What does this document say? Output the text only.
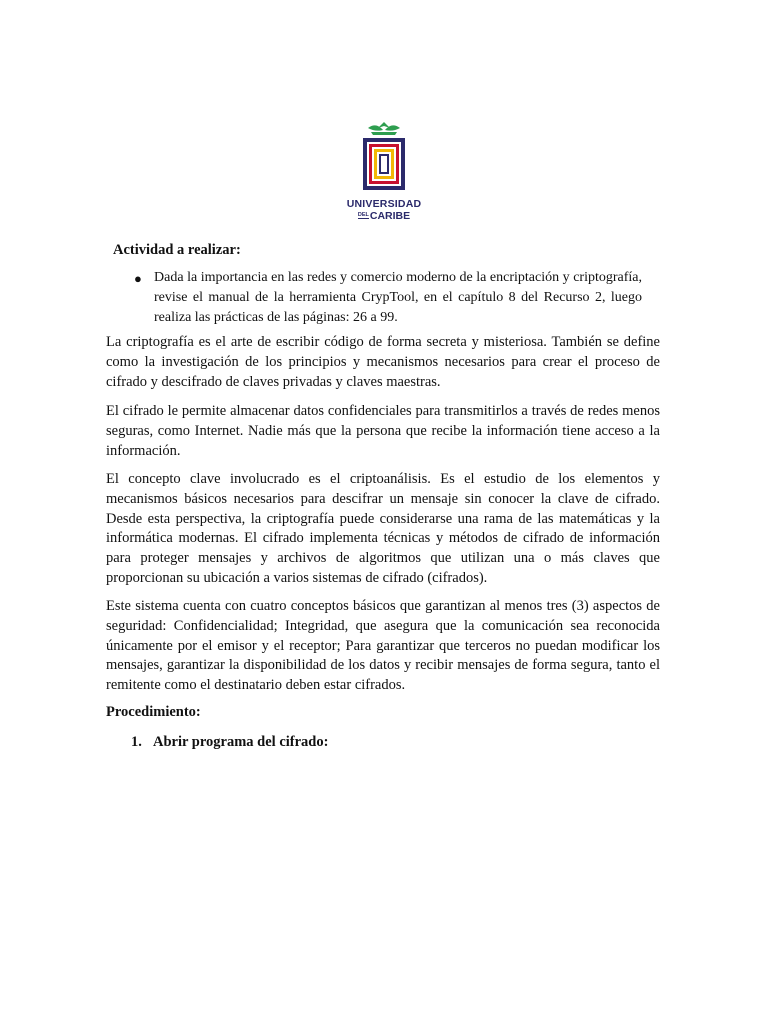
UNIVERSIDAD
DELCARIBE
Actividad a realizar:
● Dada la importancia en las redes y comercio moderno de la encriptación y criptografía, revise el manual de la herramienta CrypTool, en el capítulo 8 del Recurso 2, luego realiza las prácticas de las páginas: 26 a 99.

La criptografía es el arte de escribir código de forma secreta y misteriosa. También se define como la investigación de los principios y mecanismos necesarios para crear el proceso de cifrado y descifrado de claves privadas y claves maestras.

El cifrado le permite almacenar datos confidenciales para transmitirlos a través de redes menos seguras, como Internet. Nadie más que la persona que recibe la información tiene acceso a la información.

El concepto clave involucrado es el criptoanálisis. Es el estudio de los elementos y mecanismos básicos necesarios para descifrar un mensaje sin conocer la clave de cifrado. Desde esta perspectiva, la criptografía puede considerarse una rama de las matemáticas y la informática modernas. El cifrado implementa técnicas y métodos de cifrado de información para proteger mensajes y archivos de algoritmos que utilizan una o más claves que proporcionan su ubicación a varios sistemas de cifrado (cifrados).

Este sistema cuenta con cuatro conceptos básicos que garantizan al menos tres (3) aspectos de seguridad: Confidencialidad; Integridad, que asegura que la comunicación sea reconocida únicamente por el emisor y el receptor; Para garantizar que terceros no puedan modificar los mensajes, garantizar la disponibilidad de los datos y recibir mensajes de forma segura, tanto el remitente como el destinatario deben estar cifrados.

Procedimiento:
1. Abrir programa del cifrado:
